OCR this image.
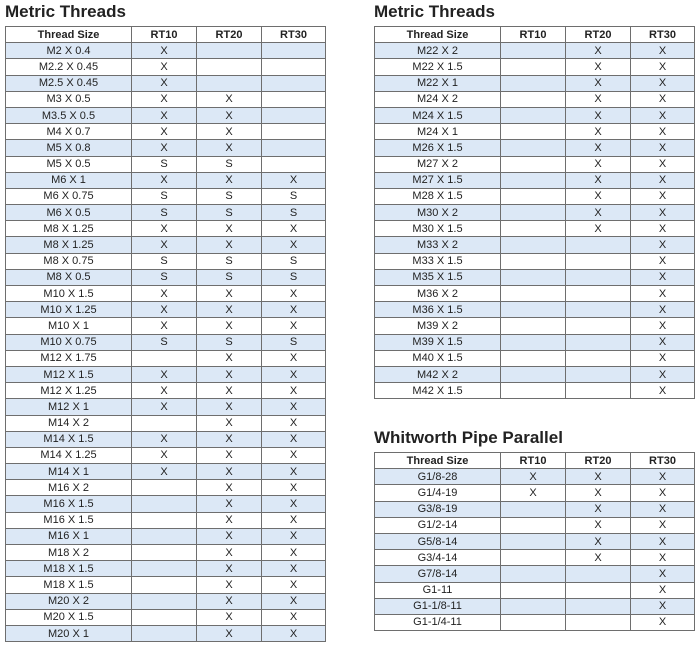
Metric Threads
Thread Size	RT10	RT20	RT30
M2 X 0.4	X		
M2.2 X 0.45	X		
M2.5 X 0.45	X		
M3 X 0.5	X	X	
M3.5 X 0.5	X	X	
M4 X 0.7	X	X	
M5 X 0.8	X	X	
M5 X 0.5	S	S	
M6 X 1	X	X	X
M6 X 0.75	S	S	S
M6 X 0.5	S	S	S
M8 X 1.25	X	X	X
M8 X 1.25	X	X	X
M8 X 0.75	S	S	S
M8 X 0.5	S	S	S
M10 X 1.5	X	X	X
M10 X 1.25	X	X	X
M10 X 1	X	X	X
M10 X 0.75	S	S	S
M12 X 1.75		X	X
M12 X 1.5	X	X	X
M12 X 1.25	X	X	X
M12 X 1	X	X	X
M14 X 2		X	X
M14 X 1.5	X	X	X
M14 X 1.25	X	X	X
M14 X 1	X	X	X
M16 X 2		X	X
M16 X 1.5		X	X
M16 X 1.5		X	X
M16 X 1		X	X
M18 X 2		X	X
M18 X 1.5		X	X
M18 X 1.5		X	X
M20 X 2		X	X
M20 X 1.5		X	X
M20 X 1		X	X
Metric Threads
Thread Size	RT10	RT20	RT30
M22 X 2		X	X
M22 X 1.5		X	X
M22 X 1		X	X
M24 X 2		X	X
M24 X 1.5		X	X
M24 X 1		X	X
M26 X 1.5		X	X
M27 X 2		X	X
M27 X 1.5		X	X
M28 X 1.5		X	X
M30 X 2		X	X
M30 X 1.5		X	X
M33 X 2			X
M33 X 1.5			X
M35 X 1.5			X
M36 X 2			X
M36 X 1.5			X
M39 X 2			X
M39 X 1.5			X
M40 X 1.5			X
M42 X 2			X
M42 X 1.5			X
Whitworth Pipe Parallel
Thread Size	RT10	RT20	RT30
G1/8-28	X	X	X
G1/4-19	X	X	X
G3/8-19		X	X
G1/2-14		X	X
G5/8-14		X	X
G3/4-14		X	X
G7/8-14			X
G1-11			X
G1-1/8-11			X
G1-1/4-11			X
